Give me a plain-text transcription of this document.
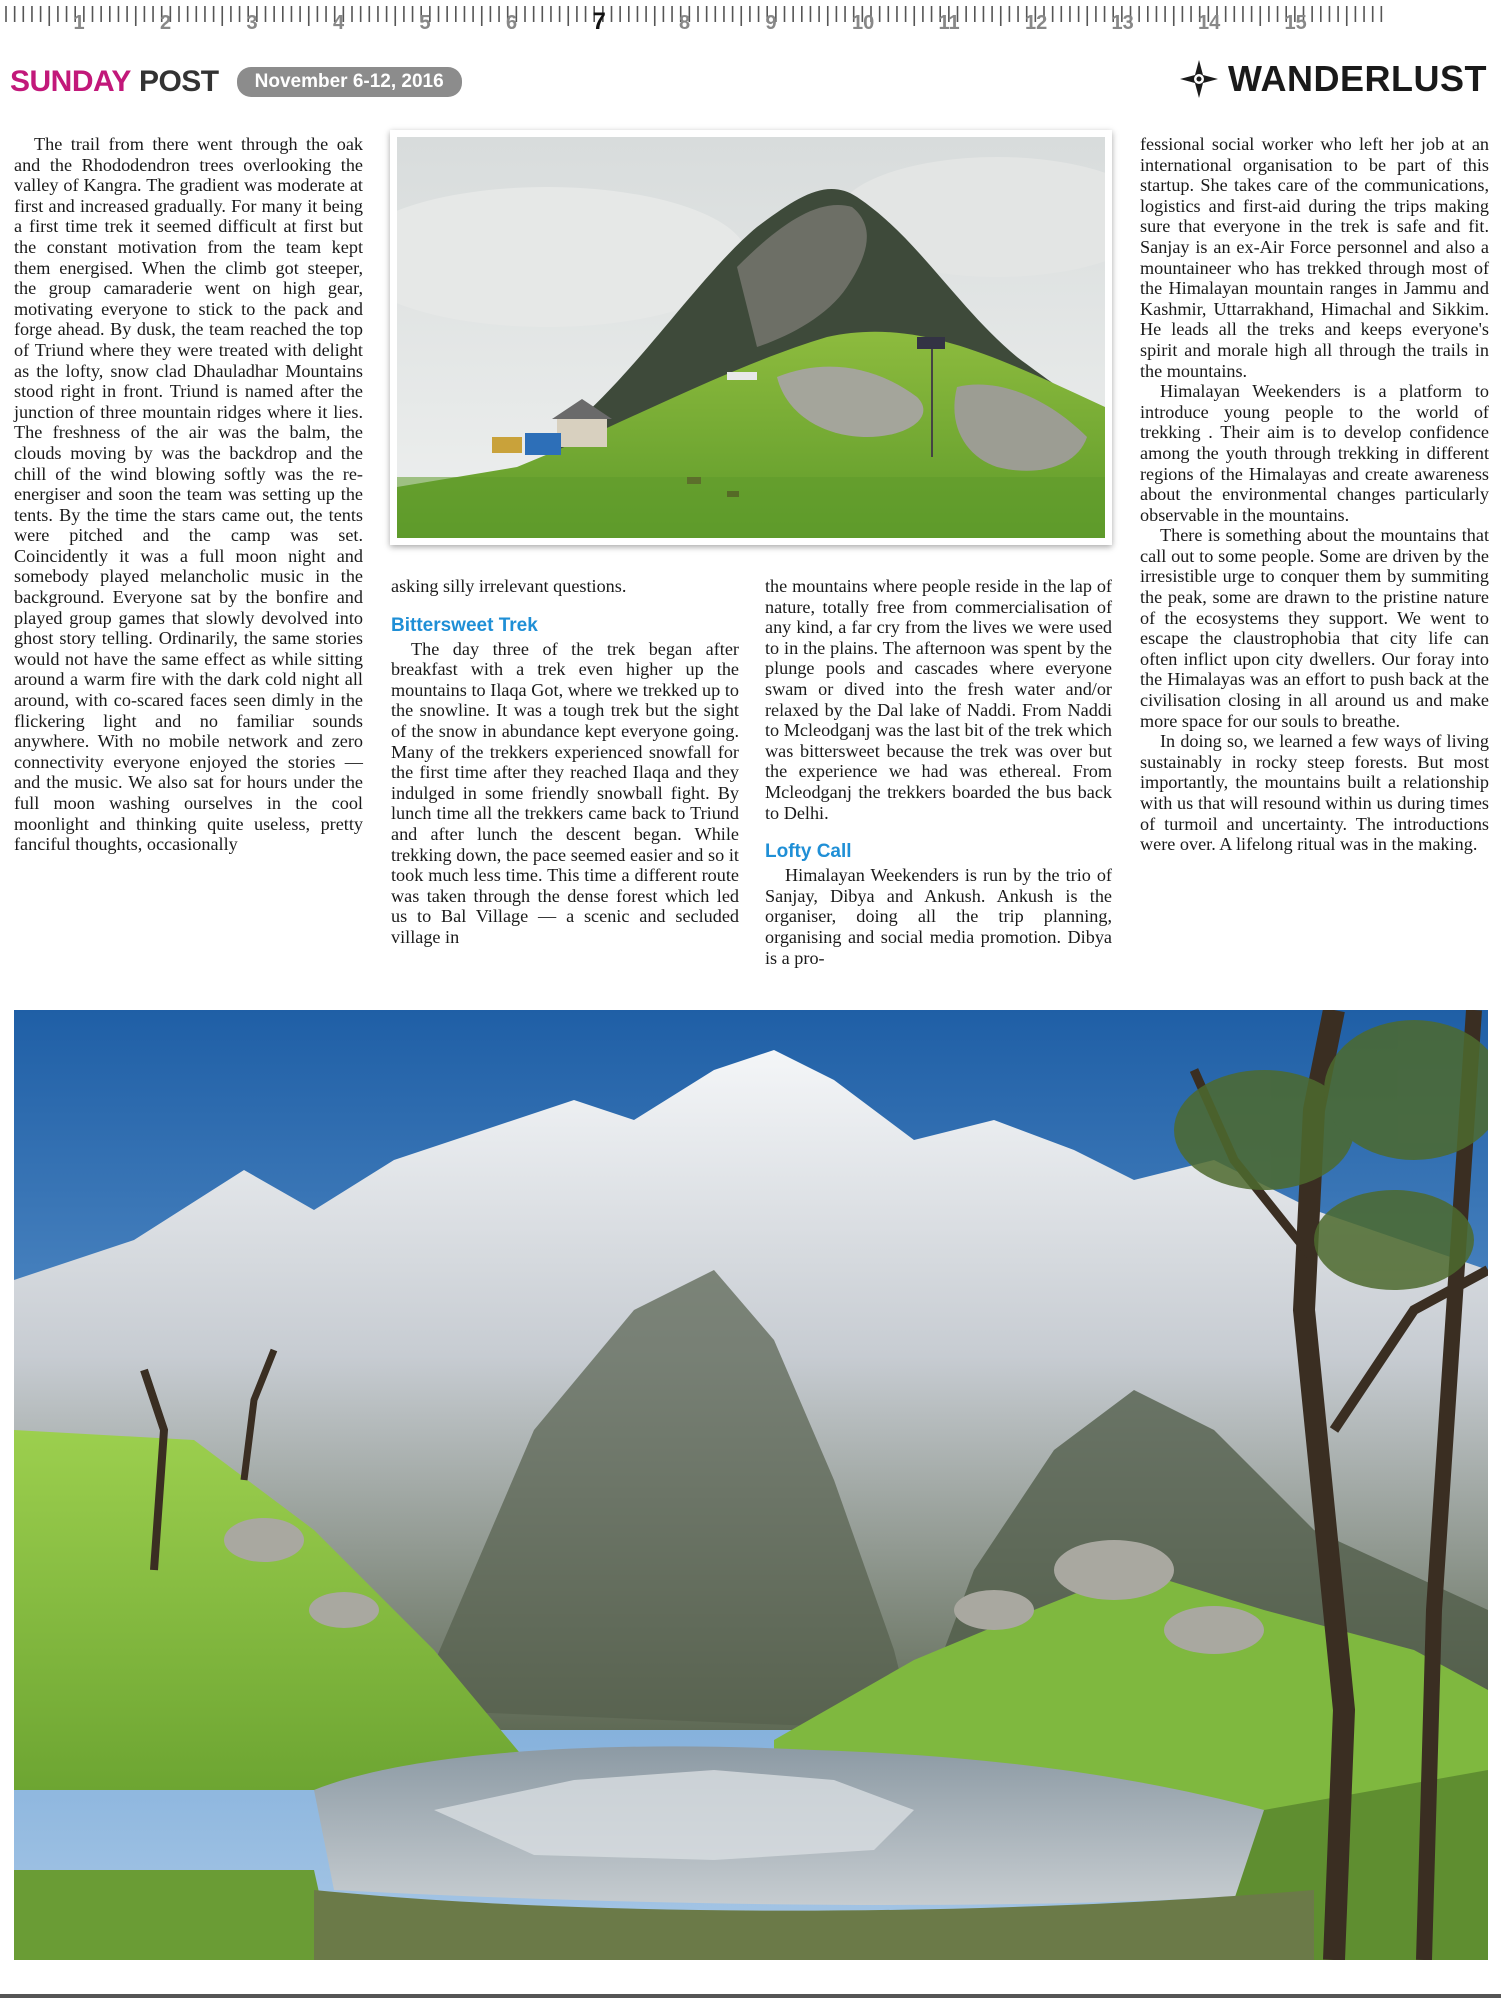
1	2	3	4	5	6	7	8	9	10	11	12	13	14	15
SUNDAY POST	November 6-12, 2016	WANDERLUST

The trail from there went through the oak and the Rhododendron trees overlooking the valley of Kangra. The gradient was moderate at first and increased gradually. For many it being a first time trek it seemed difficult at first but the constant motivation from the team kept them energised. When the climb got steeper, the group camaraderie went on high gear, motivating everyone to stick to the pack and forge ahead. By dusk, the team reached the top of Triund where they were treated with delight as the lofty, snow clad Dhauladhar Mountains stood right in front. Triund is named after the junction of three mountain ridges where it lies. The freshness of the air was the balm, the clouds moving by was the backdrop and the chill of the wind blowing softly was the re-energiser and soon the team was setting up the tents. By the time the stars came out, the tents were pitched and the camp was set. Coincidently it was a full moon night and somebody played melancholic music in the background. Everyone sat by the bonfire and played group games that slowly devolved into ghost story telling. Ordinarily, the same stories would not have the same effect as while sitting around a warm fire with the dark cold night all around, with co-scared faces seen dimly in the flickering light and no familiar sounds anywhere. With no mobile network and zero connectivity everyone enjoyed the stories — and the music. We also sat for hours under the full moon washing ourselves in the cool moonlight and thinking quite useless, pretty fanciful thoughts, occasionally

asking silly irrelevant questions.

Bittersweet Trek

The day three of the trek began after breakfast with a trek even higher up the mountains to Ilaqa Got, where we trekked up to the snowline. It was a tough trek but the sight of the snow in abundance kept everyone going. Many of the trekkers experienced snowfall for the first time after they reached Ilaqa and they indulged in some friendly snowball fight. By lunch time all the trekkers came back to Triund and after lunch the descent began. While trekking down, the pace seemed easier and so it took much less time. This time a different route was taken through the dense forest which led us to Bal Village — a scenic and secluded village in

the mountains where people reside in the lap of nature, totally free from commercialisation of any kind, a far cry from the lives we were used to in the plains. The afternoon was spent by the plunge pools and cascades where everyone swam or dived into the fresh water and/or relaxed by the Dal lake of Naddi. From Naddi to Mcleodganj was the last bit of the trek which was bittersweet because the trek was over but the experience we had was ethereal. From Mcleodganj the trekkers boarded the bus back to Delhi.

Lofty Call

Himalayan Weekenders is run by the trio of Sanjay, Dibya and Ankush. Ankush is the organiser, doing all the trip planning, organising and social media promotion. Dibya is a pro-

fessional social worker who left her job at an international organisation to be part of this startup. She takes care of the communications, logistics and first-aid during the trips making sure that everyone in the trek is safe and fit. Sanjay is an ex-Air Force personnel and also a mountaineer who has trekked through most of the Himalayan mountain ranges in Jammu and Kashmir, Uttarrakhand, Himachal and Sikkim. He leads all the treks and keeps everyone's spirit and morale high all through the trails in the mountains.

Himalayan Weekenders is a platform to introduce young people to the world of trekking . Their aim is to develop confidence among the youth through trekking in different regions of the Himalayas and create awareness about the environmental changes particularly observable in the mountains.

There is something about the mountains that call out to some people. Some are driven by the irresistible urge to conquer them by summiting the peak, some are drawn to the pristine nature of the ecosystems they support. We went to escape the claustrophobia that city life can often inflict upon city dwellers. Our foray into the Himalayas was an effort to push back at the civilisation closing in all around us and make more space for our souls to breathe.

In doing so, we learned a few ways of living sustainably in rocky steep forests. But most importantly, the mountains built a relationship with us that will resound within us during times of turmoil and uncertainty. The introductions were over. A lifelong ritual was in the making.
